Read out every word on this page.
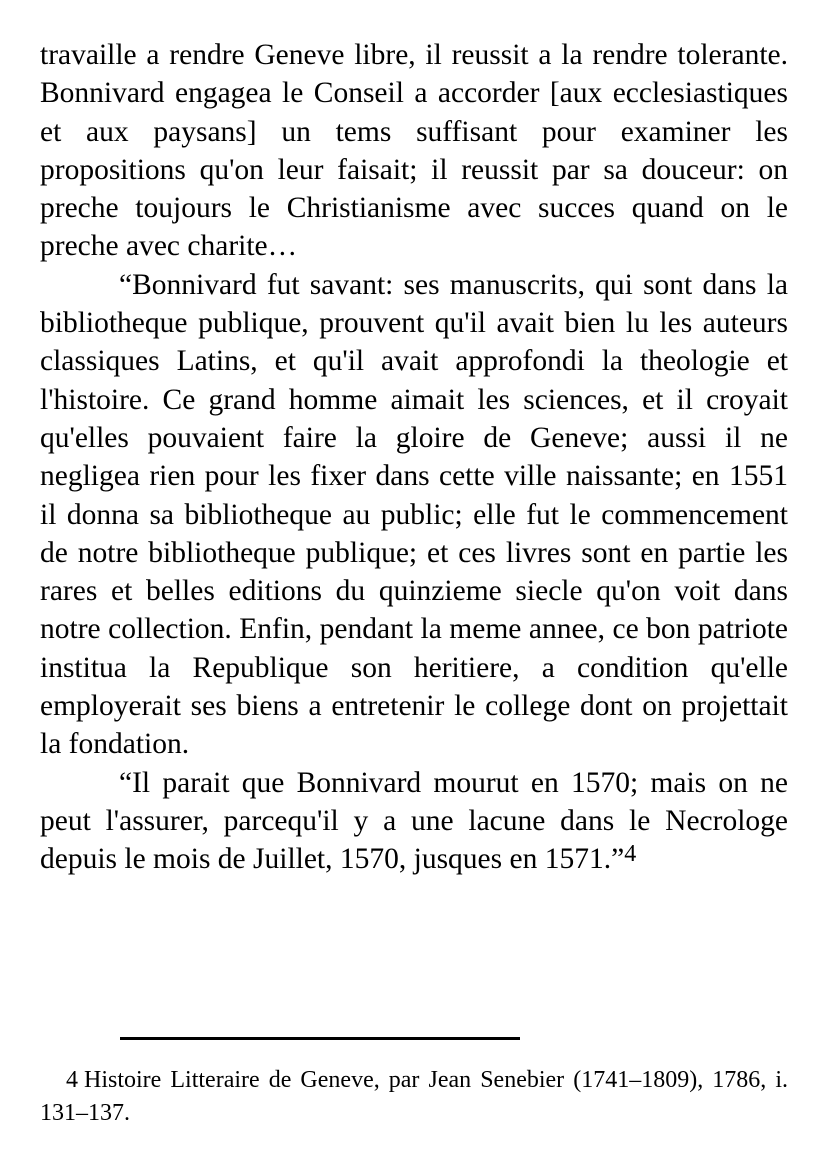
travaille a rendre Geneve libre, il reussit a la rendre tolerante. Bonnivard engagea le Conseil a accorder [aux ecclesiastiques et aux paysans] un tems suffisant pour examiner les propositions qu'on leur faisait; il reussit par sa douceur: on preche toujours le Christianisme avec succes quand on le preche avec charite…

“Bonnivard fut savant: ses manuscrits, qui sont dans la bibliotheque publique, prouvent qu'il avait bien lu les auteurs classiques Latins, et qu'il avait approfondi la theologie et l'histoire. Ce grand homme aimait les sciences, et il croyait qu'elles pouvaient faire la gloire de Geneve; aussi il ne negligea rien pour les fixer dans cette ville naissante; en 1551 il donna sa bibliotheque au public; elle fut le commencement de notre bibliotheque publique; et ces livres sont en partie les rares et belles editions du quinzieme siecle qu'on voit dans notre collection. Enfin, pendant la meme annee, ce bon patriote institua la Republique son heritiere, a condition qu'elle employerait ses biens a entretenir le college dont on projettait la fondation.

“Il parait que Bonnivard mourut en 1570; mais on ne peut l'assurer, parcequ'il y a une lacune dans le Necrologe depuis le mois de Juillet, 1570, jusques en 1571.”$^4$

4 Histoire Litteraire de Geneve, par Jean Senebier (1741–1809), 1786, i. 131–137.
